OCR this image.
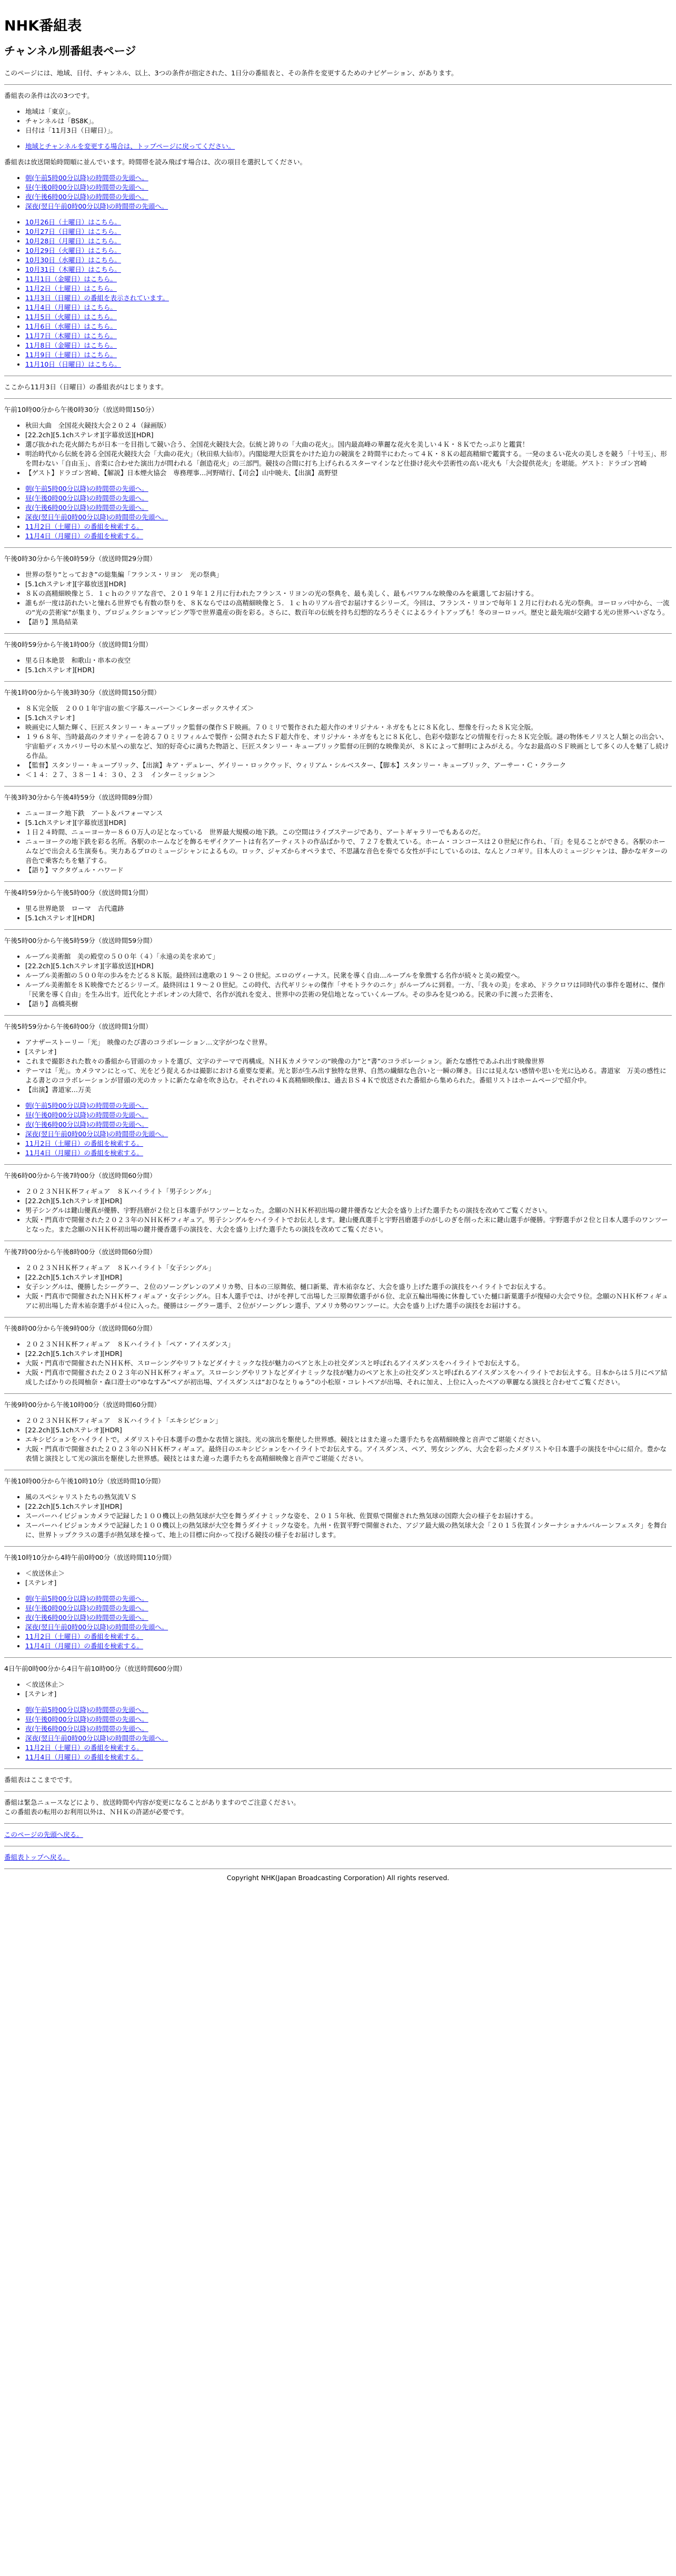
NHK番組表
チャンネル別番組表ページ

このページには、地域、日付、チャンネル、以上、3つの条件が指定された、1日分の番組表と、その条件を変更するためのナビゲーション、があります。

番組表の条件は次の3つです。

• 地域は「東京」。
• チャンネルは「BS8K」。
• 日付は「11月3日（日曜日）」。
• 地域とチャンネルを変更する場合は、トップページに戻ってください。

番組表は放送開始時間順に並んでいます。時間帯を読み飛ばす場合は、次の項目を選択してください。

• 朝(午前5時00分以降)の時間帯の先頭へ。
• 昼(午後0時00分以降)の時間帯の先頭へ。
• 夜(午後6時00分以降)の時間帯の先頭へ。
• 深夜(翌日午前0時00分以降)の時間帯の先頭へ。
• 10月26日（土曜日）はこちら。
• 10月27日（日曜日）はこちら。
• 10月28日（月曜日）はこちら。
• 10月29日（火曜日）はこちら。
• 10月30日（水曜日）はこちら。
• 10月31日（木曜日）はこちら。
• 11月1日（金曜日）はこちら。
• 11月2日（土曜日）はこちら。
• 11月3日（日曜日）の番組を表示されています。
• 11月4日（月曜日）はこちら。
• 11月5日（火曜日）はこちら。
• 11月6日（水曜日）はこちら。
• 11月7日（木曜日）はこちら。
• 11月8日（金曜日）はこちら。
• 11月9日（土曜日）はこちら。
• 11月10日（日曜日）はこちら。

ここから11月3日（日曜日）の番組表がはじまります。

午前10時00分から午後0時30分（放送時間150分）

• 秋田大曲　全国花火競技大会２０２４（録画版）
• [22.2ch][5.1chステレオ][字幕放送][HDR]
• 選び抜かれた花火師たちが日本一を目指して競い合う、全国花火競技大会。伝統と誇りの「大曲の花火」。国内最高峰の華麗な花火を美しい４Ｋ・８Ｋでたっぷりと鑑賞！
• 明治時代から伝統を誇る全国花火競技大会「大曲の花火」（秋田県大仙市）。内閣総理大臣賞をかけた迫力の競演を２時間半にわたって４Ｋ・８Ｋの超高精細で鑑賞する。一発のまるい花火の美しさを競う「十号玉」、形を問わない「自由玉」、音楽に合わせた演出力が問われる「創造花火」の三部門。競技の合間に打ち上げられるスターマインなど仕掛け花火や芸術性の高い花火も「大会提供花火」を堪能。ゲスト：ドラゴン宮崎
• 【ゲスト】ドラゴン宮崎、【解説】日本煙火協会　専務理事…河野晴行、【司会】山中暁夫、【出演】髙野望
• 朝(午前5時00分以降)の時間帯の先頭へ。
• 昼(午後0時00分以降)の時間帯の先頭へ。
• 夜(午後6時00分以降)の時間帯の先頭へ。
• 深夜(翌日午前0時00分以降)の時間帯の先頭へ。
• 11月2日（土曜日）の番組を検索する。
• 11月4日（月曜日）の番組を検索する。

午後0時30分から午後0時59分（放送時間29分間）

• 世界の祭り“とっておき”の総集編「フランス・リヨン　光の祭典」
• [5.1chステレオ][字幕放送][HDR]
• ８Ｋの高精細映像と５．１ｃｈのクリアな音で、２０１９年１２月に行われたフランス・リヨンの光の祭典を、最も美しく、最もパワフルな映像のみを厳選してお届けする。
• 誰もが一度は訪れたいと憧れる世界でも有数の祭りを、８Ｋならではの高精細映像と５．１ｃｈのリアル音でお届けするシリーズ。今回は、フランス・リヨンで毎年１２月に行われる光の祭典。ヨーロッパ中から、一流の“光の芸術家”が集まり、プロジェクションマッピング等で世界遺産の街を彩る。さらに、数百年の伝統を持ち幻想的なろうそくによるライトアップも！冬のヨーロッパ。歴史と最先端が交錯する光の世界へいざなう。
• 【語り】黒島結菜

午後0時59分から午後1時00分（放送時間1分間）

• 里る日本絶景　和歌山・串本の夜空
• [5.1chステレオ][HDR]

午後1時00分から午後3時30分（放送時間150分間）

• ８Ｋ完全版　２００１年宇宙の旅＜字幕スーパー＞＜レターボックスサイズ＞
• [5.1chステレオ]
• 映画史に人類た輝く、巨匠スタンリー・キューブリック監督の傑作ＳＦ映画。７０ミリで製作された超大作のオリジナル・ネガをもとに８Ｋ化し、想像を行った８Ｋ完全版。
• １９６８年、当時最高のクオリティーを誇る７０ミリフィルムで製作・公開されたＳＦ超大作を、オリジナル・ネガをもとに８Ｋ化し、色彩や陰影などの情報を行った８Ｋ完全版。謎の物体モノリスと人類との出会い、宇宙船ディスカバリー号の木星への旅など、知的好奇心に満ちた物語と、巨匠スタンリー・キューブリック監督の圧倒的な映像美が、８Ｋによって鮮明によみがえる。今なお最高のＳＦ映画として多くの人を魅了し続ける作品。
• 【監督】スタンリー・キューブリック、【出演】キア・デュレー、ゲイリー・ロックウッド、ウィリアム・シルベスター、【脚本】スタンリー・キューブリック、アーサー・Ｃ・クラーク
• ＜１４：２７、３８－１４：３０、２３　インターミッション＞

午後3時30分から午後4時59分（放送時間89分間）

• ニューヨーク地下鉄　アート＆パフォーマンス
• [5.1chステレオ][字幕放送][HDR]
• １日２４時間、ニューヨーカー８６０万人の足となっている　世界最大規模の地下鉄。この空間はライブステージであり、アートギャラリーでもあるのだ。
• ニューヨークの地下鉄を彩る名所。各駅のホームなどを飾るモザイクアートは有名アーティストの作品ばかりで、７２７を数えている。ホーム・コンコースは２０世紀に作られ、「百」を見ることができる。各駅のホームなどで出会える生演奏も。実力あるプロのミュージシャンによるもの。ロック、ジャズからオペラまで、不思議な音色を奏でる女性が手にしているのは、なんとノコギリ。日本人のミュージシャンは、静かなギターの音色で乗客たちを魅了する。
• 【語り】マクタヴュル・ハワード

午後4時59分から午後5時00分（放送時間1分間）

• 里る世界絶景　ローマ　古代遺跡
• [5.1chステレオ][HDR]

午後5時00分から午後5時59分（放送時間59分間）

• ルーブル美術館　美の殿堂の５００年（４）「永遠の美を求めて」
• [22.2ch][5.1chステレオ][字幕放送][HDR]
• ルーブル美術館の５００年の歩みをたどる８Ｋ版。最終回は進歌の１９～２０世紀。エロのヴィーナス。民衆を導く自由…ルーブルを象徴する名作が続々と美の殿堂へ。
• ルーブル美術館を８Ｋ映像でたどるシリーズ。最終回は１９～２０世紀。この時代、古代ギリシャの傑作「サモトラケのニケ」がルーブルに到着。一方、「我々の美」を求め、ドラクロワは同時代の事件を題材に、傑作「民衆を導く自由」を生み出す。近代化とナポレオンの大陸で、名作が流れを変え、世界中の芸術の発信地となっていくルーブル。その歩みを見つめる。民衆の手に渡った芸術を、
• 【語り】高橋英樹

午後5時59分から午後6時00分（放送時間1分間）

• アナザーストーリー「光」　映像のたび書のコラボレーション…文字がつなぐ世界。
• [ステレオ]
• これまで撮影された数々の番組から冒頭のカットを選び、文字のテーマで再構成。ＮＨＫカメラマンの“映像の力”と“書”のコラボレーション。新たな感性であふれ出す映像世界
• テーマは「光」。カメラマンにとって、光をどう捉えるかは撮影における重要な要素。光と影が生み出す独特な世界、自然の繊細な色合いと一瞬の輝き。日には見えない感情や思いを光に込める。書道家　万美の感性による書とのコラボレーションが冒頭の光のカットに新たな命を吹き込む。それぞれの４Ｋ高精細映像は、過去ＢＳ４Ｋで放送された番組から集められた。番組リストはホームページで紹介中。
• 【出演】書道家…万美
• 朝(午前5時00分以降)の時間帯の先頭へ。
• 昼(午後0時00分以降)の時間帯の先頭へ。
• 夜(午後6時00分以降)の時間帯の先頭へ。
• 深夜(翌日午前0時00分以降)の時間帯の先頭へ。
• 11月2日（土曜日）の番組を検索する。
• 11月4日（月曜日）の番組を検索する。

午後6時00分から午後7時00分（放送時間60分間）

• ２０２３ＮＨＫ杯フィギュア　８Ｋハイライト「男子シングル」
• [22.2ch][5.1chステレオ][HDR]
• 男子シングルは鍵山優真が優勝、宇野昌磨が２位と日本選手がワンツーとなった。念願のＮＨＫ杯初出場の鍵井優香など大会を盛り上げた選手たちの演技を改めてご覧ください。
• 大阪・門真市で開催された２０２３年のＮＨＫ杯フィギュア。男子シングルをハイライトでお伝えします。鍵山優真選手と宇野昌磨選手のがしのぎを削った末に鍵山選手が優勝。宇野選手が２位と日本人選手のワンツーとなった。また念願のＮＨＫ杯初出場の鍵井優香選手の演技を、大会を盛り上げた選手たちの演技を改めてご覧ください。

午後7時00分から午後8時00分（放送時間60分間）

• ２０２３ＮＨＫ杯フィギュア　８Ｋハイライト「女子シングル」
• [22.2ch][5.1chステレオ][HDR]
• 女子シングルは、優勝したシーグラー、２位のソーングレンのアメリカ勢、日本の三原舞依、樋口新葉、青木祐奈など、大会を盛り上げた選手の演技をハイライトでお伝えする。
• 大阪・門真市で開催されたＮＨＫ杯フィギュア・女子シングル。日本人選手では、けがを押して出場した三原舞依選手が６位、北京五輪出場後に休養していた樋口新葉選手が復帰の大会で９位。念願のＮＨＫ杯フィギュアに初出場した青木祐奈選手が４位に入った。優勝はシーグラー選手、２位がソーングレン選手、アメリカ勢のワンツーに。大会を盛り上げた選手の演技をお届けする。

午後8時00分から午後9時00分（放送時間60分間）

• ２０２３ＮＨＫ杯フィギュア　８Ｋハイライト「ペア・アイスダンス」
• [22.2ch][5.1chステレオ][HDR]
• 大阪・門真市で開催されたＮＨＫ杯、スローシングやリフトなどダイナミックな技が魅力のペアと氷上の社交ダンスと呼ばれるアイスダンスをハイライトでお伝えする。
• 大阪・門真市で開催された２０２３年のＮＨＫ杯フィギュア。スローシングやリフトなどダイナミックな技が魅力のペアと氷上の社交ダンスと呼ばれるアイスダンスをハイライトでお伝えする。日本からは５月にペア結成したばかりの長岡柚奈・森口澄士の“ゆなすみ”ペアが初出場、アイスダンスは“おひなとりゅう”の小松原・コレトペアが出場、それに加え、上位に入ったペアの華麗なる演技と合わせてご覧ください。

午後9時00分から午後10時00分（放送時間60分間）

• ２０２３ＮＨＫ杯フィギュア　８Ｋハイライト「エキシビション」
• [22.2ch][5.1chステレオ][HDR]
• エキシビションをハイライトで。メダリストや日本選手の豊かな表情と演技。光の演出を駆使した世界感。競技とはまた違った選手たちを高精細映像と音声でご堪能ください。
• 大阪・門真市で開催された２０２３年のＮＨＫ杯フィギュア。最終日のエキシビションをハイライトでお伝えする。アイスダンス、ペア、男女シングル、大会を彩ったメダリストや日本選手の演技を中心に紹介。豊かな表情と演技として光の演出を駆使した世界感。競技とはまた違った選手たちを高精細映像と音声でご堪能ください。

午後10時00分から午後10時10分（放送時間10分間）

• 風のスペシャリストたちの熟気流ＶＳ
• [22.2ch][5.1chステレオ][HDR]
• スーパーハイビジョンカメラで記録した１００機以上の熱気球が大空を舞うダイナミックな姿を、２０１５年秋、佐賀県で開催された熟気球の国際大会の様子をお届けする。
• スーパーハイビジョンカメラで記録した１００機以上の熱気球が大空を舞うダイナミックな姿を。九州・佐賀平野で開催された、アジア最大級の熱気球大会「２０１５佐賀インターナショナルバルーンフェスタ」を舞台に、世界トップクラスの選手が熱気球を操って、地上の目標に向かって投げる競技の様子をお届けします。

午後10時10分から4時午前0時00分（放送時間110分間）

• ＜放送休止＞
• [ステレオ]
• 朝(午前5時00分以降)の時間帯の先頭へ。
• 昼(午後0時00分以降)の時間帯の先頭へ。
• 夜(午後6時00分以降)の時間帯の先頭へ。
• 深夜(翌日午前0時00分以降)の時間帯の先頭へ。
• 11月2日（土曜日）の番組を検索する。
• 11月4日（月曜日）の番組を検索する。

4日午前0時00分から4日午前10時00分（放送時間600分間）

• ＜放送休止＞
• [ステレオ]
• 朝(午前5時00分以降)の時間帯の先頭へ。
• 昼(午後0時00分以降)の時間帯の先頭へ。
• 夜(午後6時00分以降)の時間帯の先頭へ。
• 深夜(翌日午前0時00分以降)の時間帯の先頭へ。
• 11月2日（土曜日）の番組を検索する。
• 11月4日（月曜日）の番組を検索する。

番組表はここまでです。

番組は緊急ニュースなどにより、放送時間や内容が変更になることがありますのでご注意ください。

この番組表の転用のお利用以外は、ＮＨＫの許諾が必要です。

このページの先頭へ戻る。

番組表トップへ戻る。

Copyright NHK(Japan Broadcasting Corporation) All rights reserved.
